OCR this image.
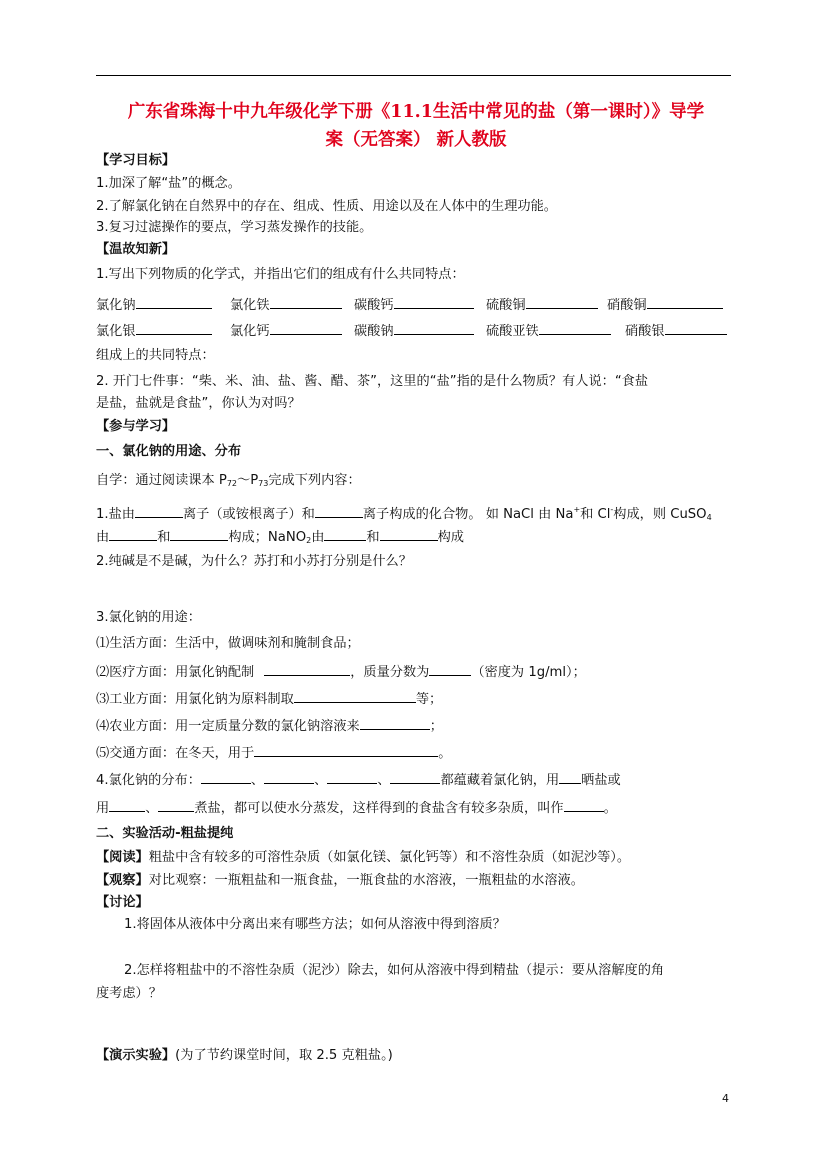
广东省珠海十中九年级化学下册《11.1生活中常见的盐（第一课时）》导学
案（无答案） 新人教版
【学习目标】
1.加深了解“盐”的概念。
2.了解氯化钠在自然界中的存在、组成、性质、用途以及在人体中的生理功能。
3.复习过滤操作的要点，学习蒸发操作的技能。
【温故知新】
1.写出下列物质的化学式，并指出它们的组成有什么共同特点：
氯化钠	氯化铁	碳酸钙	硫酸铜	硝酸铜
氯化银	氯化钙	碳酸钠	硫酸亚铁	硝酸银
组成上的共同特点：
2. 开门七件事：“柴、米、油、盐、酱、醋、茶”，这里的“盐”指的是什么物质？有人说：“食盐
是盐，盐就是食盐”，你认为对吗？
【参与学习】
一、氯化钠的用途、分布
自学：通过阅读课本 $P_{72}\sim P_{73}$完成下列内容：
1.盐由	离子（或铵根离子）和	离子构成的化合物。 如 NaCl 由 Na+和 Cl-构成，则 CuSO$_4$
由	和	构成；NaNO$_2$由	和	构成
2.纯碱是不是碱，为什么？苏打和小苏打分别是什么？
3.氯化钠的用途：
⑴生活方面：生活中，做调味剂和腌制食品；
⑵医疗方面：用氯化钠配制	，质量分数为	（密度为 1g/ml）；
⑶工业方面：用氯化钠为原料制取	等；
⑷农业方面：用一定质量分数的氯化钠溶液来	；
⑸交通方面：在冬天，用于	。
4.氯化钠的分布：	、	、	、	都蕴藏着氯化钠，用 晒盐或
用	、	煮盐，都可以使水分蒸发，这样得到的食盐含有较多杂质，叫作	。
二、实验活动-粗盐提纯
【阅读】粗盐中含有较多的可溶性杂质（如氯化镁、氯化钙等）和不溶性杂质（如泥沙等）。
【观察】对比观察：一瓶粗盐和一瓶食盐，一瓶食盐的水溶液，一瓶粗盐的水溶液。
【讨论】
1.将固体从液体中分离出来有哪些方法；如何从溶液中得到溶质？
2.怎样将粗盐中的不溶性杂质（泥沙）除去，如何从溶液中得到精盐（提示：要从溶解度的角
度考虑）？
【演示实验】(为了节约课堂时间，取 2.5 克粗盐。)
4
